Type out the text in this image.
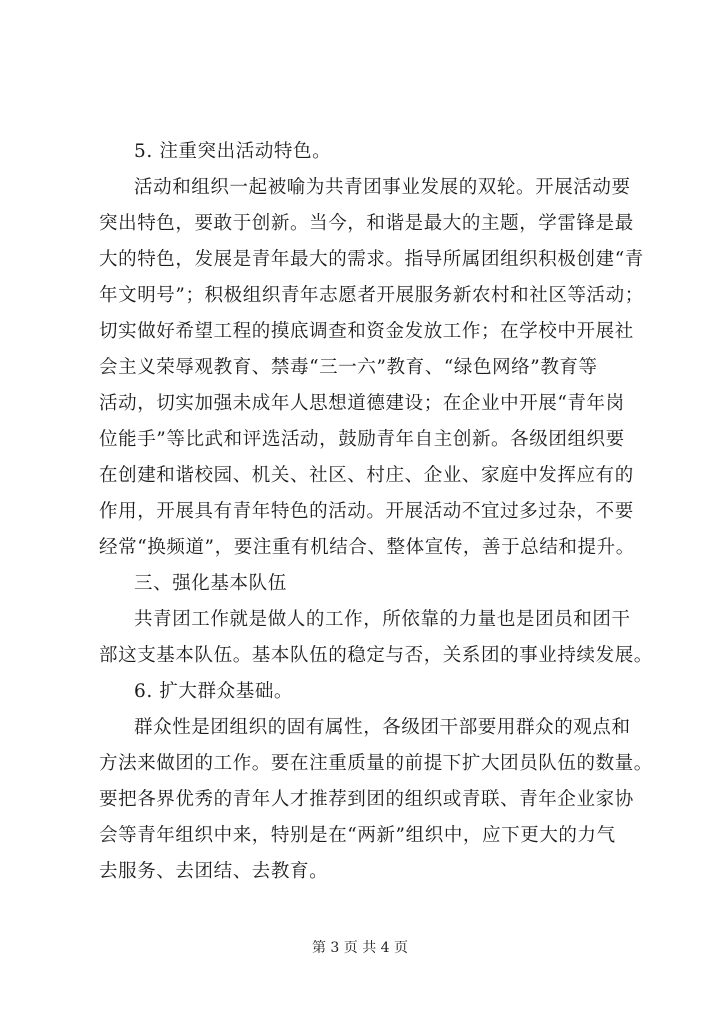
5. 注重突出活动特色。
活动和组织一起被喻为共青团事业发展的双轮。开展活动要
突出特色，要敢于创新。当今，和谐是最大的主题，学雷锋是最
大的特色，发展是青年最大的需求。指导所属团组织积极创建“青
年文明号”；积极组织青年志愿者开展服务新农村和社区等活动；
切实做好希望工程的摸底调查和资金发放工作；在学校中开展社
会主义荣辱观教育、禁毒“三一六”教育、“绿色网络”教育等
活动，切实加强未成年人思想道德建设；在企业中开展“青年岗
位能手”等比武和评选活动，鼓励青年自主创新。各级团组织要
在创建和谐校园、机关、社区、村庄、企业、家庭中发挥应有的
作用，开展具有青年特色的活动。开展活动不宜过多过杂，不要
经常“换频道”，要注重有机结合、整体宣传，善于总结和提升。
三、强化基本队伍
共青团工作就是做人的工作，所依靠的力量也是团员和团干
部这支基本队伍。基本队伍的稳定与否，关系团的事业持续发展。
6. 扩大群众基础。
群众性是团组织的固有属性，各级团干部要用群众的观点和
方法来做团的工作。要在注重质量的前提下扩大团员队伍的数量。
要把各界优秀的青年人才推荐到团的组织或青联、青年企业家协
会等青年组织中来，特别是在“两新”组织中，应下更大的力气
去服务、去团结、去教育。
第 3 页 共 4 页
